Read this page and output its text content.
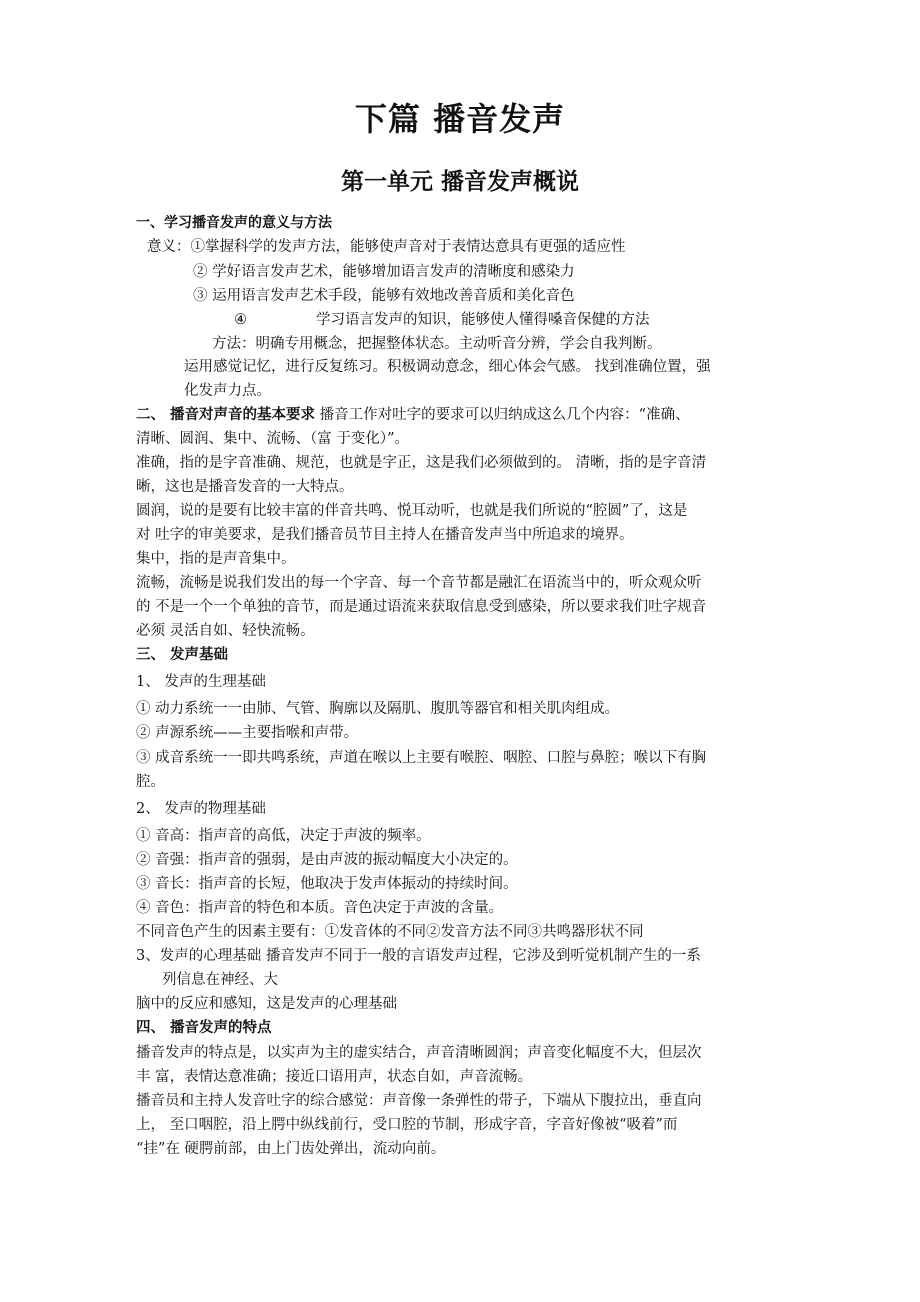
下篇 播音发声
第一单元 播音发声概说
一、学习播音发声的意义与方法
意义：①掌握科学的发声方法，能够使声音对于表情达意具有更强的适应性
② 学好语言发声艺术，能够增加语言发声的清晰度和感染力
③ 运用语言发声艺术手段，能够有效地改善音质和美化音色
④	学习语言发声的知识，能够使人懂得嗓音保健的方法
方法：明确专用概念，把握整体状态。主动听音分辨，学会自我判断。
运用感觉记忆，进行反复练习。积极调动意念，细心体会气感。 找到准确位置，强
化发声力点。
二、 播音对声音的基本要求 播音工作对吐字的要求可以归纳成这么几个内容：“准确、
清晰、圆润、集中、流畅、（富 于变化）”。
准确，指的是字音准确、规范，也就是字正，这是我们必须做到的。 清晰，指的是字音清
晰，这也是播音发音的一大特点。
圆润，说的是要有比较丰富的伴音共鸣、悦耳动听，也就是我们所说的“腔圆”了，这是
对 吐字的审美要求，是我们播音员节目主持人在播音发声当中所追求的境界。
集中，指的是声音集中。
流畅，流畅是说我们发出的每一个字音、每一个音节都是融汇在语流当中的，听众观众听
的 不是一个一个单独的音节，而是通过语流来获取信息受到感染，所以要求我们吐字规音
必须 灵活自如、轻快流畅。
三、 发声基础
1、 发声的生理基础
① 动力系统一一由肺、气管、胸廓以及隔肌、腹肌等器官和相关肌肉组成。
② 声源系统——主要指喉和声带。
③ 成音系统一一即共鸣系统，声道在喉以上主要有喉腔、咽腔、口腔与鼻腔；喉以下有胸
腔。
2、 发声的物理基础
① 音高：指声音的高低，决定于声波的频率。
② 音强：指声音的强弱，是由声波的振动幅度大小决定的。
③ 音长：指声音的长短，他取决于发声体振动的持续时间。
④ 音色：指声音的特色和本质。音色决定于声波的含量。
不同音色产生的因素主要有：①发音体的不同②发音方法不同③共鸣器形状不同
3、发声的心理基础 播音发声不同于一般的言语发声过程，它涉及到听觉机制产生的一系
列信息在神经、大
脑中的反应和感知，这是发声的心理基础
四、 播音发声的特点
播音发声的特点是，以实声为主的虚实结合，声音清晰圆润；声音变化幅度不大，但层次
丰 富，表情达意准确；接近口语用声，状态自如，声音流畅。
播音员和主持人发音吐字的综合感觉：声音像一条弹性的带子，下端从下腹拉出，垂直向
上， 至口咽腔，沿上腭中纵线前行，受口腔的节制，形成字音，字音好像被“吸着”而
“挂”在 硬腭前部，由上门齿处弹出，流动向前。
